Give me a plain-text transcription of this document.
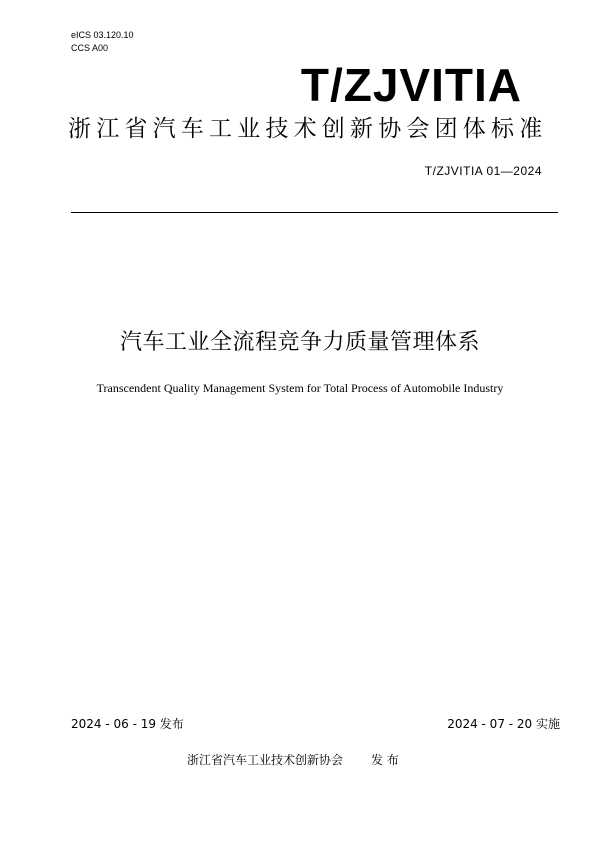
eICS 03.120.10
CCS A00
T/ZJVITIA
浙江省汽车工业技术创新协会团体标准
T/ZJVITIA 01—2024
汽车工业全流程竞争力质量管理体系
Transcendent Quality Management System for Total Process of Automobile Industry
2024 - 06 - 19 发布	2024 - 07 - 20 实施
浙江省汽车工业技术创新协会 发 布
